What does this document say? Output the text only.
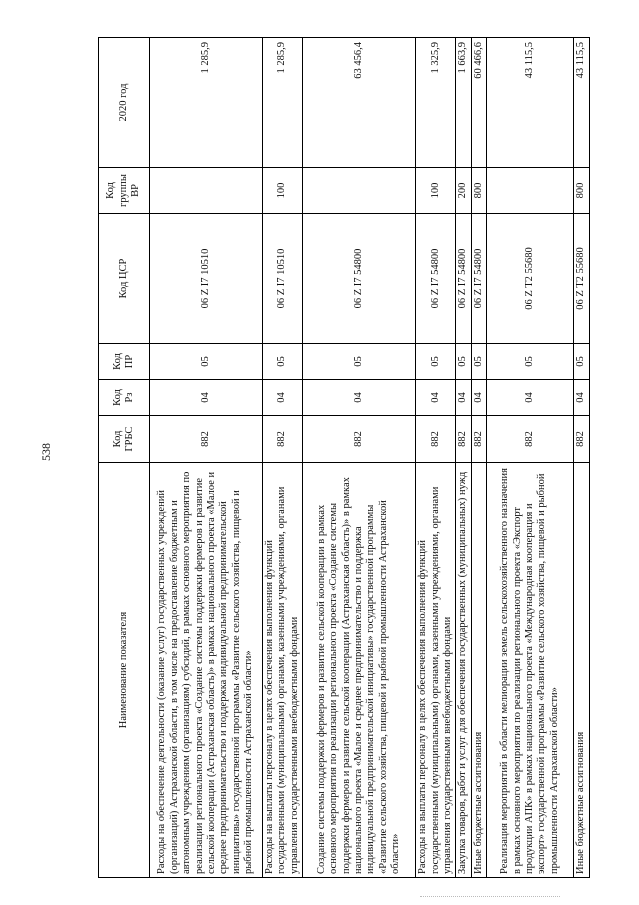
538
Наименование показателя	Код ГРБС	Код Рз	Код ПР	Код ЦСР	Код группы ВР	2020 год
Расходы на обеспечение деятельности (оказание услуг) государственных учреждений (организаций) Астраханской области, в том числе на предоставление бюджетным и автономным учреждениям (организациям) субсидий, в рамках основного мероприятия по реализации регионального проекта «Создание системы поддержки фермеров и развитие сельской кооперации (Астраханская область)» в рамках национального проекта «Малое и среднее предпринимательство и поддержка индивидуальной предпринимательской инициативы» государственной программы «Развитие сельского хозяйства, пищевой и рыбной промышленности Астраханской области»	882	04	05	06 Z I7 10510		1 285,9
Расходы на выплаты персоналу в целях обеспечения выполнения функций государственными (муниципальными) органами, казенными учреждениями, органами управления государственными внебюджетными фондами	882	04	05	06 Z I7 10510	100	1 285,9
Создание системы поддержки фермеров и развитие сельской кооперации в рамках основного мероприятия по реализации регионального проекта «Создание системы поддержки фермеров и развитие сельской кооперации (Астраханская область)» в рамках национального проекта «Малое и среднее предпринимательство и поддержка индивидуальной предпринимательской инициативы» государственной программы «Развитие сельского хозяйства, пищевой и рыбной промышленности Астраханской области»	882	04	05	06 Z I7 54800		63 456,4
Расходы на выплаты персоналу в целях обеспечения выполнения функций государственными (муниципальными) органами, казенными учреждениями, органами управления государственными внебюджетными фондами	882	04	05	06 Z I7 54800	100	1 325,9
Закупка товаров, работ и услуг для обеспечения государственных (муниципальных) нужд	882	04	05	06 Z I7 54800	200	1 663,9
Иные бюджетные ассигнования	882	04	05	06 Z I7 54800	800	60 466,6
Реализация мероприятий в области мелиорации земель сельскохозяйственного назначения в рамках основного мероприятия по реализации регионального проекта «Экспорт продукции АПК» в рамках национального проекта «Международная кооперация и экспорт» государственной программы «Развитие сельского хозяйства, пищевой и рыбной промышленности Астраханской области»	882	04	05	06 Z T2 55680		43 115,5
Иные бюджетные ассигнования	882	04	05	06 Z T2 55680	800	43 115,5
